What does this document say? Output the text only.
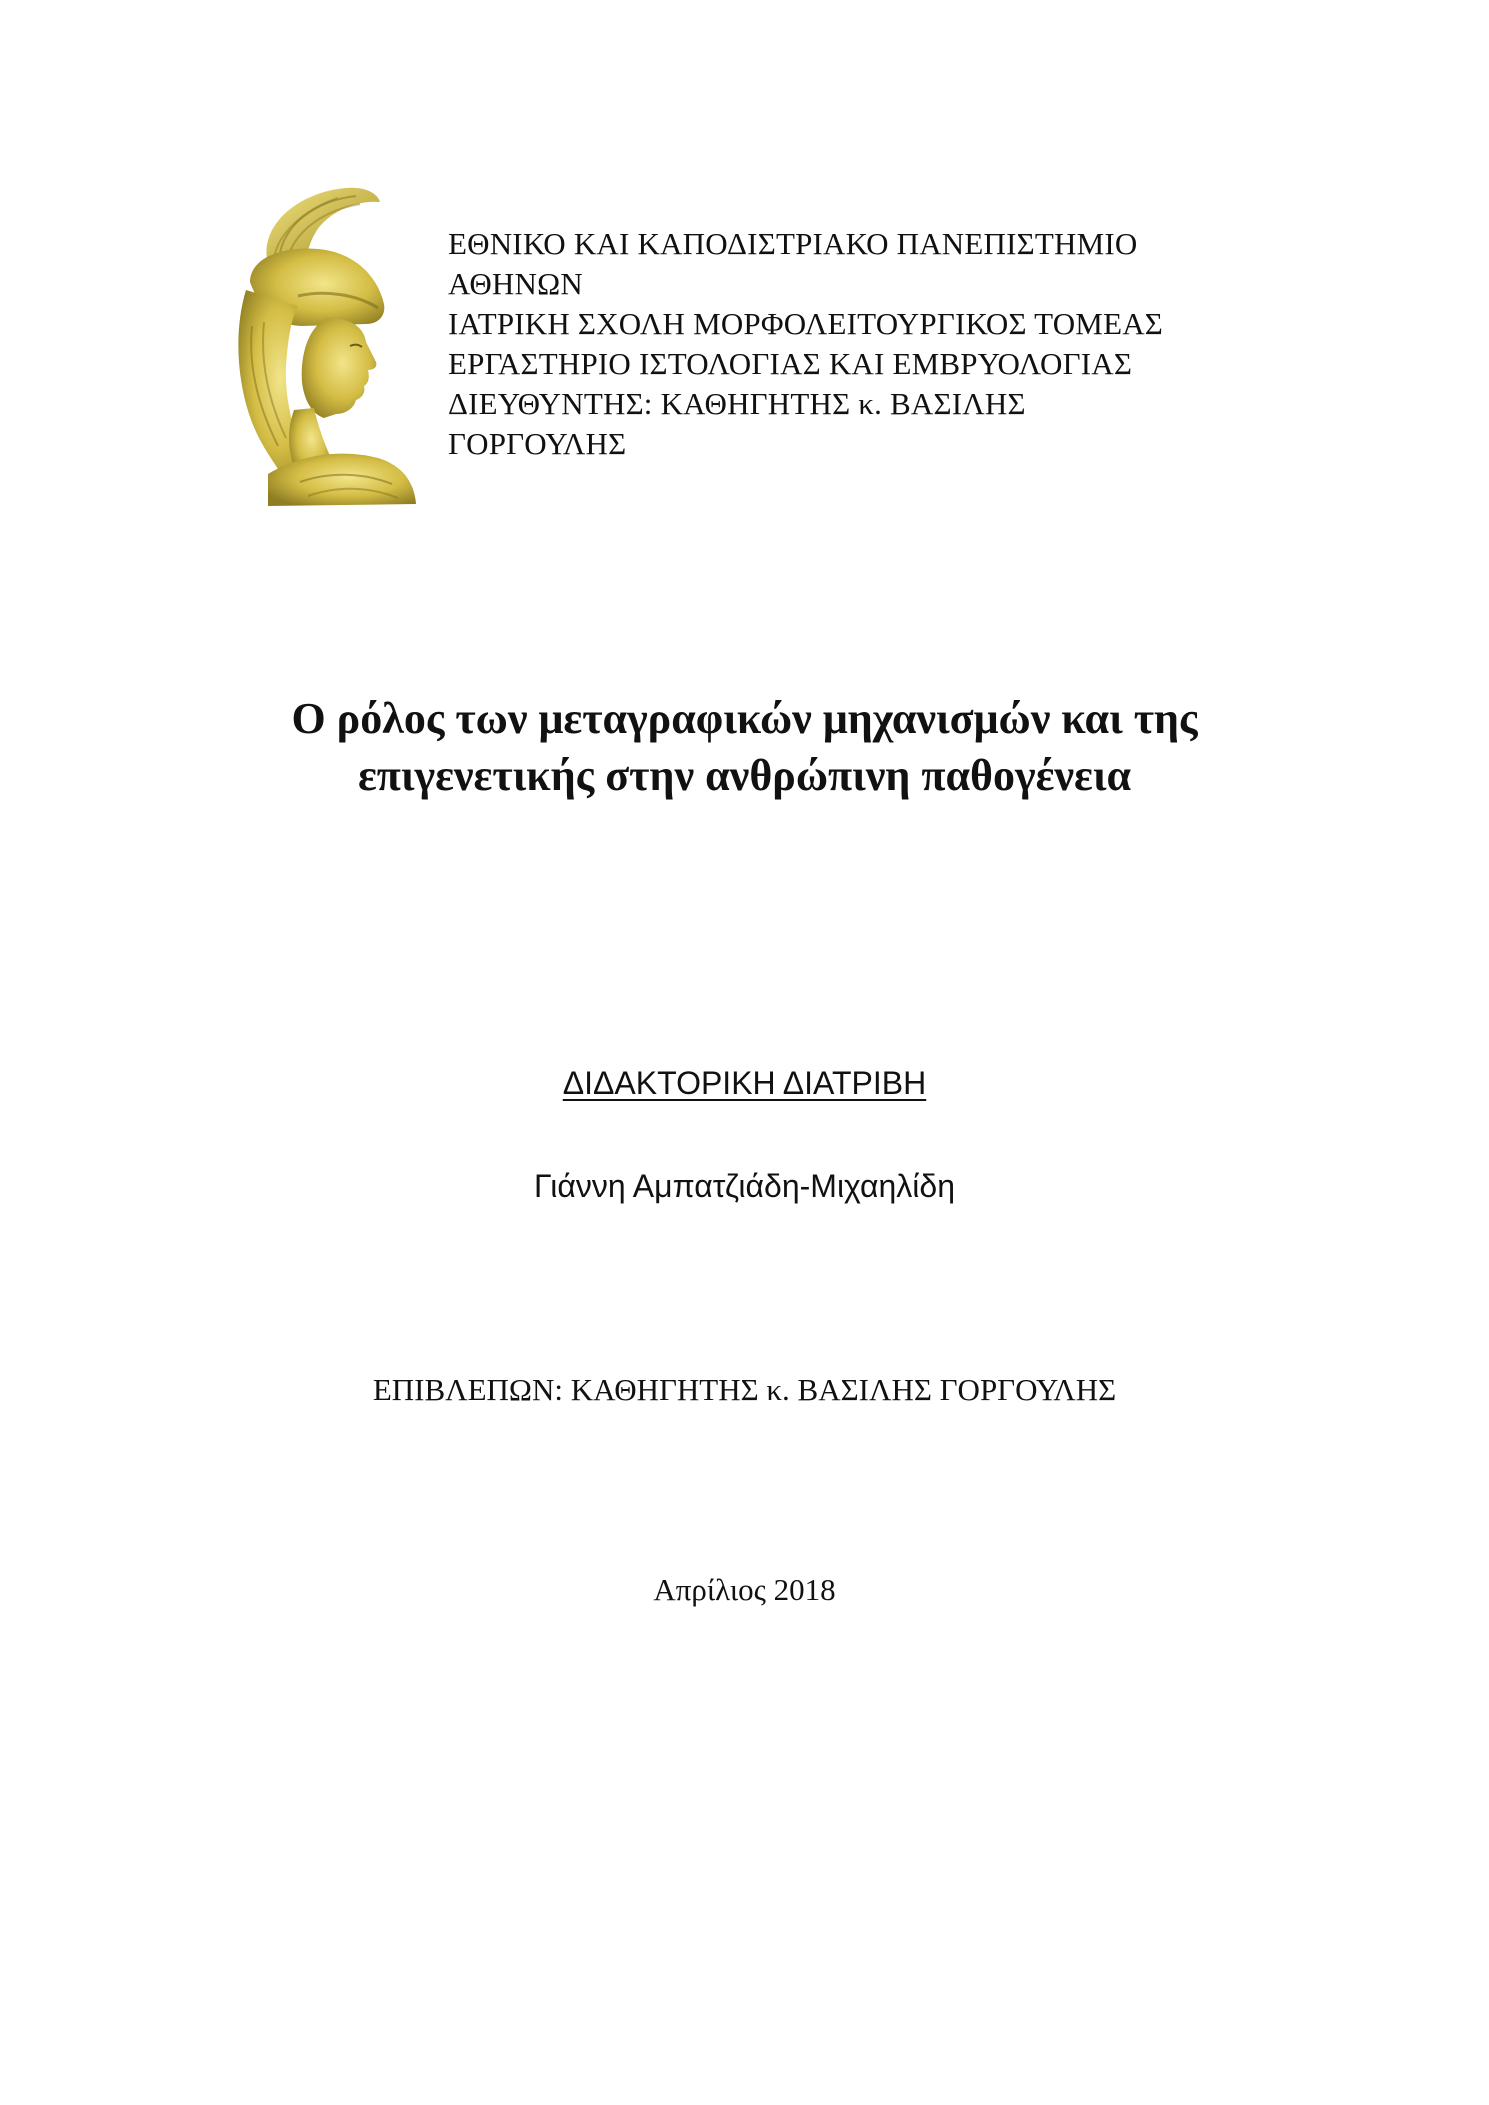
ΕΘΝΙΚΟ ΚΑΙ ΚΑΠΟΔΙΣΤΡΙΑΚΟ ΠΑΝΕΠΙΣΤΗΜΙΟ
ΑΘΗΝΩΝ
ΙΑΤΡΙΚΗ ΣΧΟΛΗ ΜΟΡΦΟΛΕΙΤΟΥΡΓΙΚΟΣ ΤΟΜΕΑΣ
ΕΡΓΑΣΤΗΡΙΟ ΙΣΤΟΛΟΓΙΑΣ ΚΑΙ ΕΜΒΡΥΟΛΟΓΙΑΣ
ΔΙΕΥΘΥΝΤΗΣ: ΚΑΘΗΓΗΤΗΣ κ. ΒΑΣΙΛΗΣ
ΓΟΡΓΟΥΛΗΣ
Ο ρόλος των μεταγραφικών μηχανισμών και της
επιγενετικής στην ανθρώπινη παθογένεια
ΔΙΔΑΚΤΟΡΙΚΗ ΔΙΑΤΡΙΒΗ
Γιάννη Αμπατζιάδη-Μιχαηλίδη
ΕΠΙΒΛΕΠΩΝ: ΚΑΘΗΓΗΤΗΣ κ. ΒΑΣΙΛΗΣ ΓΟΡΓΟΥΛΗΣ
Απρίλιος 2018
